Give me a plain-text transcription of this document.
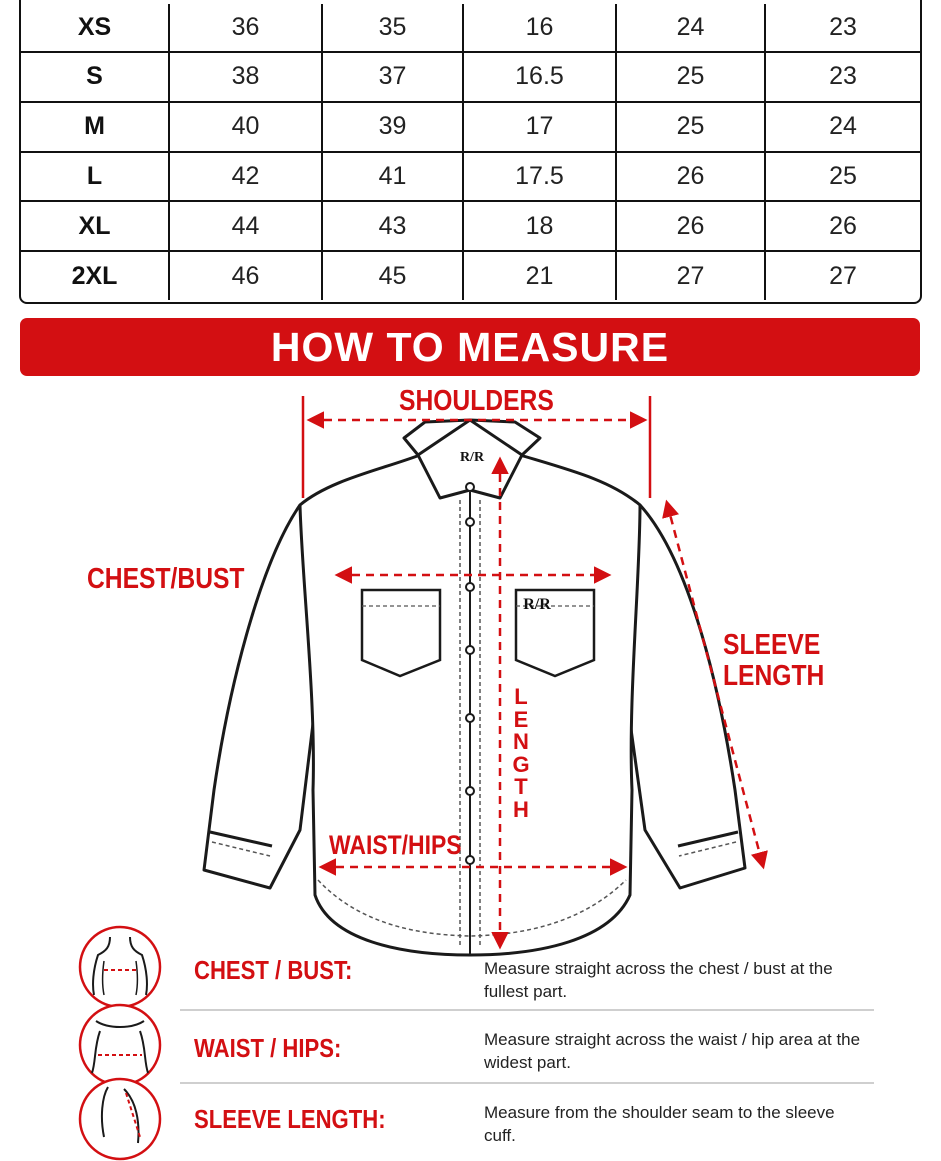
XS	36	35	16	24	23
S	38	37	16.5	25	23
M	40	39	17	25	24
L	42	41	17.5	26	25
XL	44	43	18	26	26
2XL	46	45	21	27	27
HOW TO MEASURE
R/R
R/R
SHOULDERS
CHEST/BUST
SLEEVE
LENGTH
WAIST/HIPS
LENGTH
CHEST / BUST:	Measure straight across the chest / bust at the fullest part.
WAIST / HIPS:	Measure straight across the waist / hip area at the widest part.
SLEEVE LENGTH:	Measure from the shoulder seam to the sleeve cuff.
